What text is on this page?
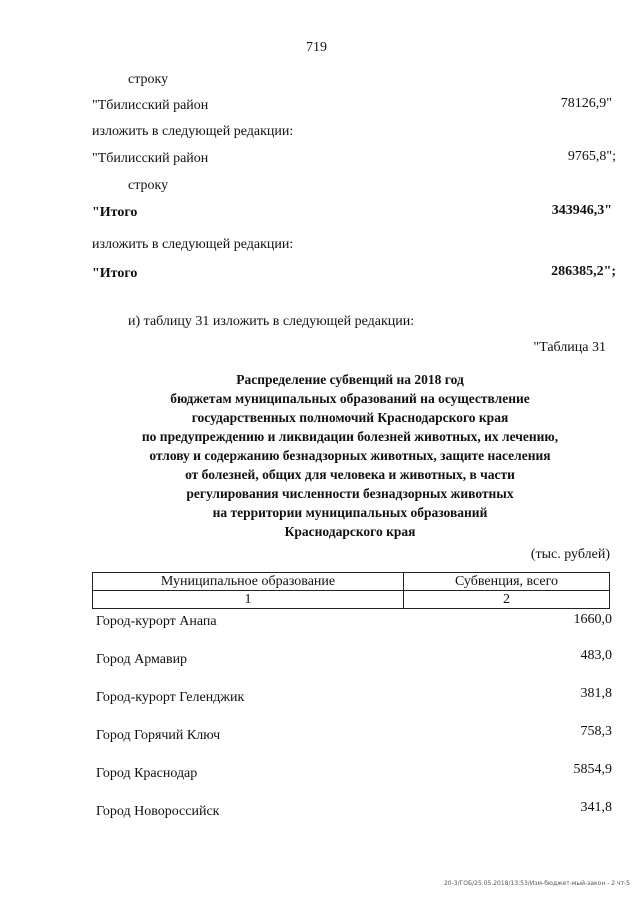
719
строку
"Тбилисский район	78126,9"
изложить в следующей редакции:
"Тбилисский район	9765,8";
строку
"Итого	343946,3"
изложить в следующей редакции:
"Итого	286385,2";
и) таблицу 31 изложить в следующей редакции:
"Таблица 31
Распределение субвенций на 2018 год
бюджетам муниципальных образований на осуществление
государственных полномочий Краснодарского края
по предупреждению и ликвидации болезней животных, их лечению,
отлову и содержанию безнадзорных животных, защите населения
от болезней, общих для человека и животных, в части
регулирования численности безнадзорных животных
на территории муниципальных образований
Краснодарского края
(тыс. рублей)
Муниципальное образование	Субвенция, всего
1	2
Город-курорт Анапа	1660,0
Город Армавир	483,0
Город-курорт Геленджик	381,8
Город Горячий Ключ	758,3
Город Краснодар	5854,9
Город Новороссийск	341,8
20-3/ГОБ/25.05.2018/13:53/Изм-бюджет-мый-закон - 2 чт-5
